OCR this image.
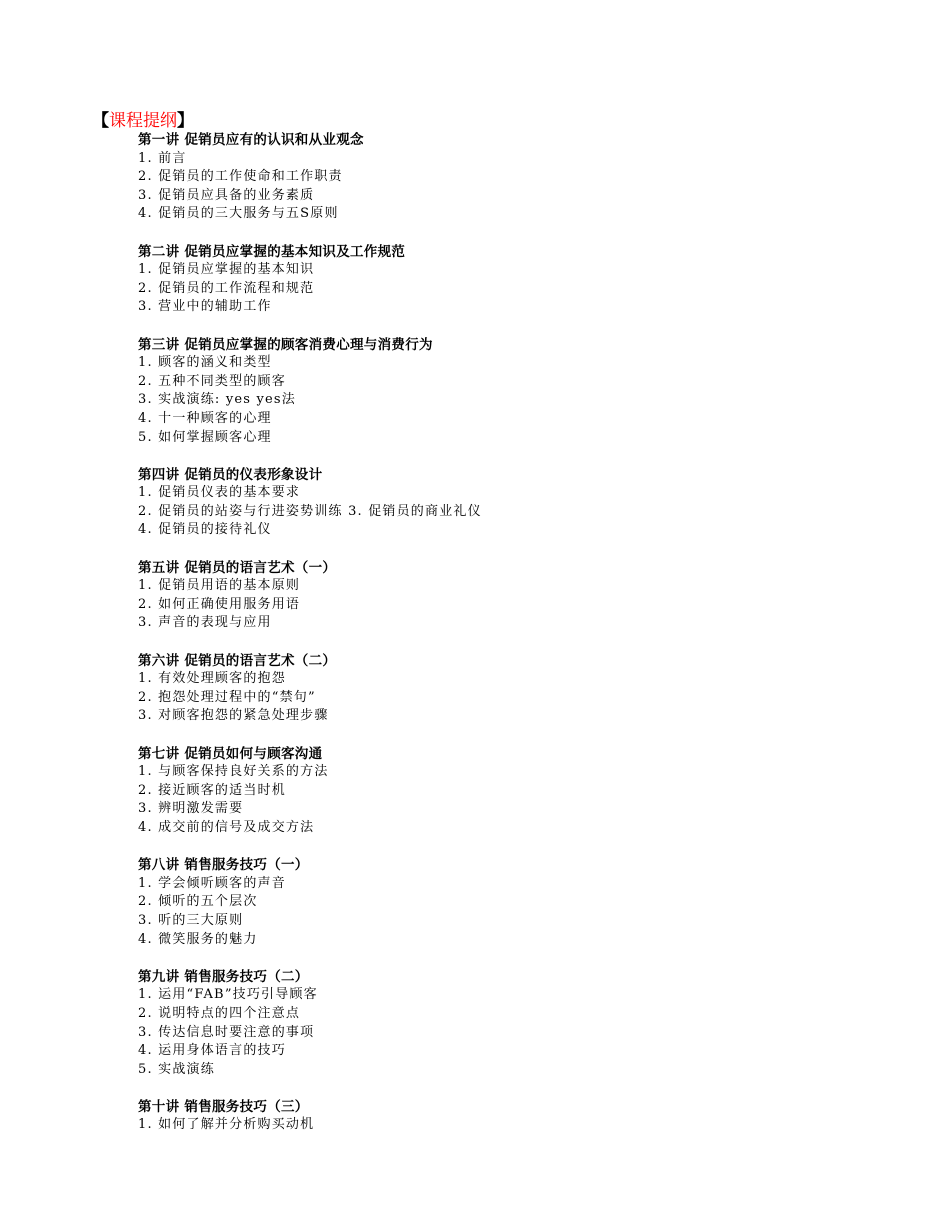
【课程提纲】
第一讲 促销员应有的认识和从业观念
1. 前言
2. 促销员的工作使命和工作职责
3. 促销员应具备的业务素质
4. 促销员的三大服务与五S原则
第二讲 促销员应掌握的基本知识及工作规范
1. 促销员应掌握的基本知识
2. 促销员的工作流程和规范
3. 营业中的辅助工作
第三讲 促销员应掌握的顾客消费心理与消费行为
1. 顾客的涵义和类型
2. 五种不同类型的顾客
3. 实战演练: yes yes法
4. 十一种顾客的心理
5. 如何掌握顾客心理
第四讲 促销员的仪表形象设计
1. 促销员仪表的基本要求
2. 促销员的站姿与行进姿势训练 3. 促销员的商业礼仪
4. 促销员的接待礼仪
第五讲 促销员的语言艺术（一）
1. 促销员用语的基本原则
2. 如何正确使用服务用语
3. 声音的表现与应用
第六讲 促销员的语言艺术（二）
1. 有效处理顾客的抱怨
2. 抱怨处理过程中的“禁句”
3. 对顾客抱怨的紧急处理步骤
第七讲 促销员如何与顾客沟通
1. 与顾客保持良好关系的方法
2. 接近顾客的适当时机
3. 辨明激发需要
4. 成交前的信号及成交方法
第八讲 销售服务技巧（一）
1. 学会倾听顾客的声音
2. 倾听的五个层次
3. 听的三大原则
4. 微笑服务的魅力
第九讲 销售服务技巧（二）
1. 运用“FAB”技巧引导顾客
2. 说明特点的四个注意点
3. 传达信息时要注意的事项
4. 运用身体语言的技巧
5. 实战演练
第十讲 销售服务技巧（三）
1. 如何了解并分析购买动机
